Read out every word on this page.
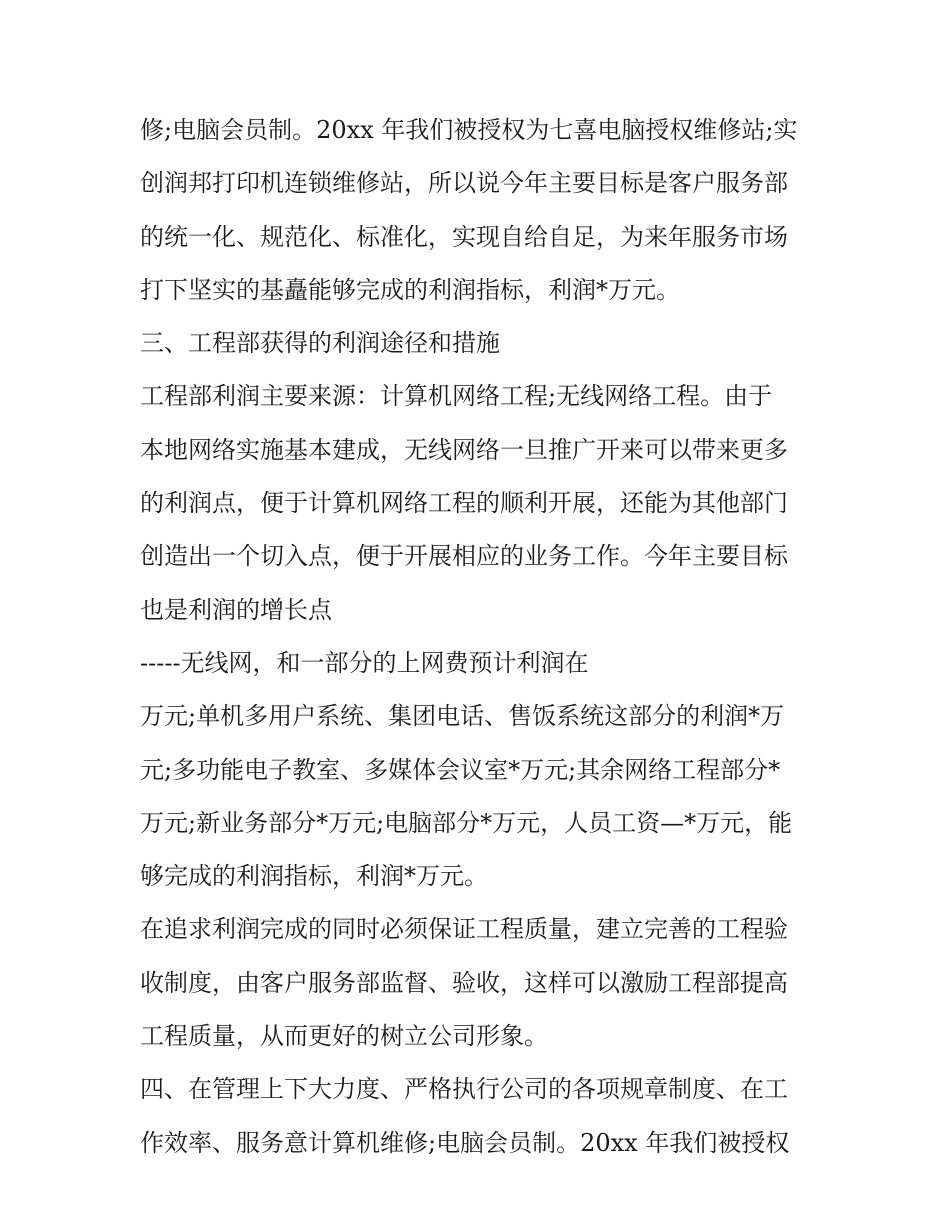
修;电脑会员制。20xx 年我们被授权为七喜电脑授权维修站;实
创润邦打印机连锁维修站，所以说今年主要目标是客户服务部
的统一化、规范化、标准化，实现自给自足，为来年服务市场
打下坚实的基矗能够完成的利润指标，利润*万元。
三、工程部获得的利润途径和措施
工程部利润主要来源：计算机网络工程;无线网络工程。由于
本地网络实施基本建成，无线网络一旦推广开来可以带来更多
的利润点，便于计算机网络工程的顺利开展，还能为其他部门
创造出一个切入点，便于开展相应的业务工作。今年主要目标
也是利润的增长点
-----无线网，和一部分的上网费预计利润在
万元;单机多用户系统、集团电话、售饭系统这部分的利润*万
元;多功能电子教室、多媒体会议室*万元;其余网络工程部分*
万元;新业务部分*万元;电脑部分*万元，人员工资—*万元，能
够完成的利润指标，利润*万元。
在追求利润完成的同时必须保证工程质量，建立完善的工程验
收制度，由客户服务部监督、验收，这样可以激励工程部提高
工程质量，从而更好的树立公司形象。
四、在管理上下大力度、严格执行公司的各项规章制度、在工
作效率、服务意计算机维修;电脑会员制。20xx 年我们被授权
